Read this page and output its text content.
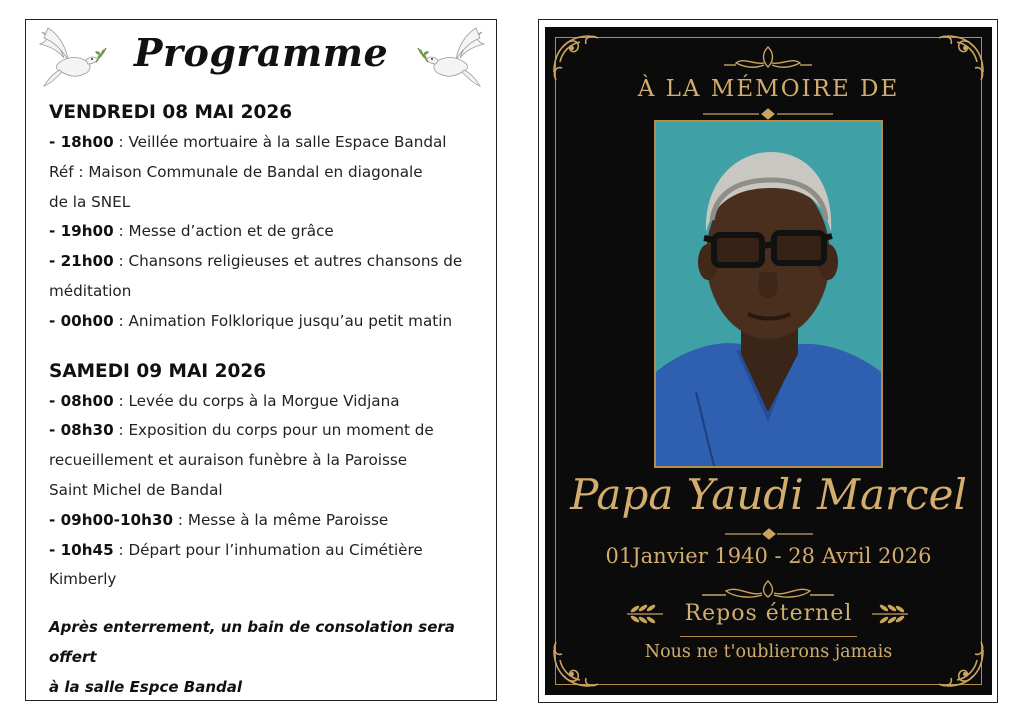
Programme

VENDREDI 08 MAI 2026

- 18h00 : Veillée mortuaire à la salle Espace Bandal
Réf : Maison Communale de Bandal en diagonale
de la SNEL
- 19h00 : Messe d’action et de grâce
- 21h00 : Chansons religieuses et autres chansons de
méditation
- 00h00 : Animation Folklorique jusqu’au petit matin

SAMEDI 09 MAI 2026

- 08h00 : Levée du corps à la Morgue Vidjana
- 08h30 : Exposition du corps pour un moment de
recueillement et auraison funèbre à la Paroisse
Saint Michel de Bandal
- 09h00-10h30 : Messe à la même Paroisse
- 10h45 : Départ pour l’inhumation au Cimétière
Kimberly
Après enterrement, un bain de consolation sera offert
à la salle Espce Bandal
À LA MÉMOIRE DE
Papa Yaudi Marcel
01Janvier 1940 - 28 Avril 2026
Repos éternel
Nous ne t'oublierons jamais
